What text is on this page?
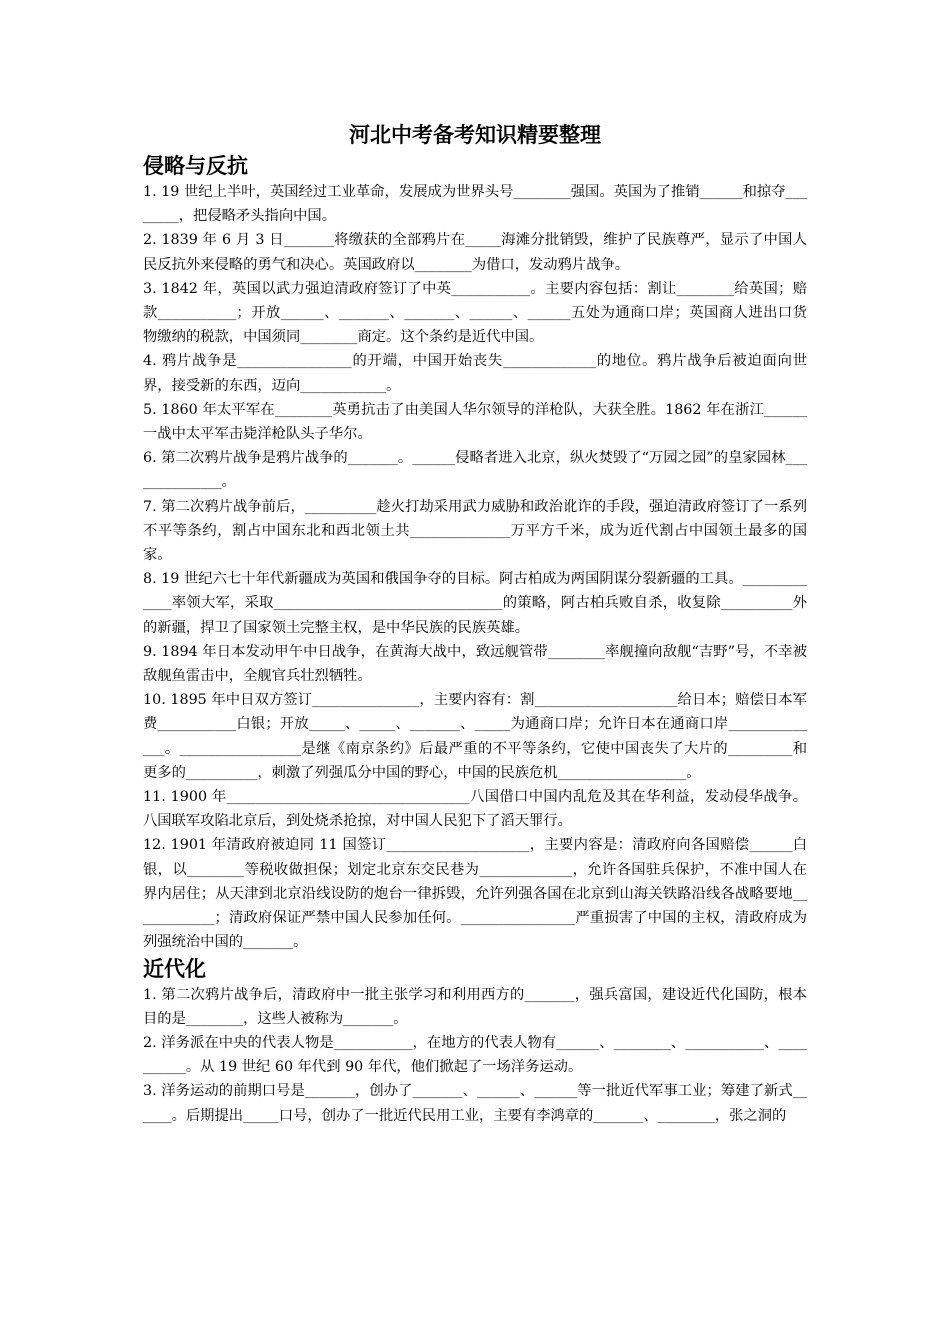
河北中考备考知识精要整理
侵略与反抗

1. 19 世纪上半叶，英国经过工业革命，发展成为世界头号________强国。英国为了推销______和掠夺________，把侵略矛头指向中国。

2. 1839 年 6 月 3 日_______将缴获的全部鸦片在_____海滩分批销毁，维护了民族尊严，显示了中国人民反抗外来侵略的勇气和决心。英国政府以________为借口，发动鸦片战争。

3. 1842 年，英国以武力强迫清政府签订了中英___________。主要内容包括：割让________给英国；赔款___________；开放______、_______、_______、______、______五处为通商口岸；英国商人进出口货物缴纳的税款，中国须同________商定。这个条约是近代中国。

4. 鸦片战争是________________的开端，中国开始丧失_____________的地位。鸦片战争后被迫面向世界，接受新的东西，迈向____________。

5. 1860 年太平军在________英勇抗击了由美国人华尔领导的洋枪队，大获全胜。1862 年在浙江______一战中太平军击毙洋枪队头子华尔。

6. 第二次鸦片战争是鸦片战争的_______。______侵略者进入北京，纵火焚毁了“万园之园”的皇家园林______________。

7. 第二次鸦片战争前后，__________趁火打劫采用武力威胁和政治讹诈的手段，强迫清政府签订了一系列不平等条约，割占中国东北和西北领土共______________万平方千米，成为近代割占中国领土最多的国家。

8. 19 世纪六七十年代新疆成为英国和俄国争夺的目标。阿古柏成为两国阴谋分裂新疆的工具。_____________率领大军，采取________________________________的策略，阿古柏兵败自杀，收复除__________外的新疆，捍卫了国家领土完整主权，是中华民族的民族英雄。

9. 1894 年日本发动甲午中日战争，在黄海大战中，致远舰管带________率舰撞向敌舰“吉野”号，不幸被敌舰鱼雷击中，全舰官兵壮烈牺牲。

10. 1895 年中日双方签订_______________，主要内容有：割____________________给日本；赔偿日本军费___________白银；开放_____、_____、_______、_____为通商口岸；允许日本在通商口岸______________。_________________是继《南京条约》后最严重的不平等条约，它使中国丧失了大片的_________和更多的__________，刺激了列强瓜分中国的野心，中国的民族危机__________________。

11. 1900 年__________________________________八国借口中国内乱危及其在华利益，发动侵华战争。八国联军攻陷北京后，到处烧杀抢掠，对中国人民犯下了滔天罪行。

12. 1901 年清政府被迫同 11 国签订____________________，主要内容是：清政府向各国赔偿______白银，以________等税收做担保；划定北京东交民巷为_____________，允许各国驻兵保护，不准中国人在界内居住；从天津到北京沿线设防的炮台一律拆毁，允许列强各国在北京到山海关铁路沿线各战略要地____________；清政府保证严禁中国人民参加任何。________________严重损害了中国的主权，清政府成为列强统治中国的_______。

近代化

1. 第二次鸦片战争后，清政府中一批主张学习和利用西方的_______，强兵富国，建设近代化国防，根本目的是________，这些人被称为_______。

2. 洋务派在中央的代表人物是___________，在地方的代表人物有______、________、___________、__________。从 19 世纪 60 年代到 90 年代，他们掀起了一场洋务运动。

3. 洋务运动的前期口号是_______，创办了_______、______、______等一批近代军事工业；筹建了新式______。后期提出_____口号，创办了一批近代民用工业，主要有李鸿章的_______、________，张之洞的
